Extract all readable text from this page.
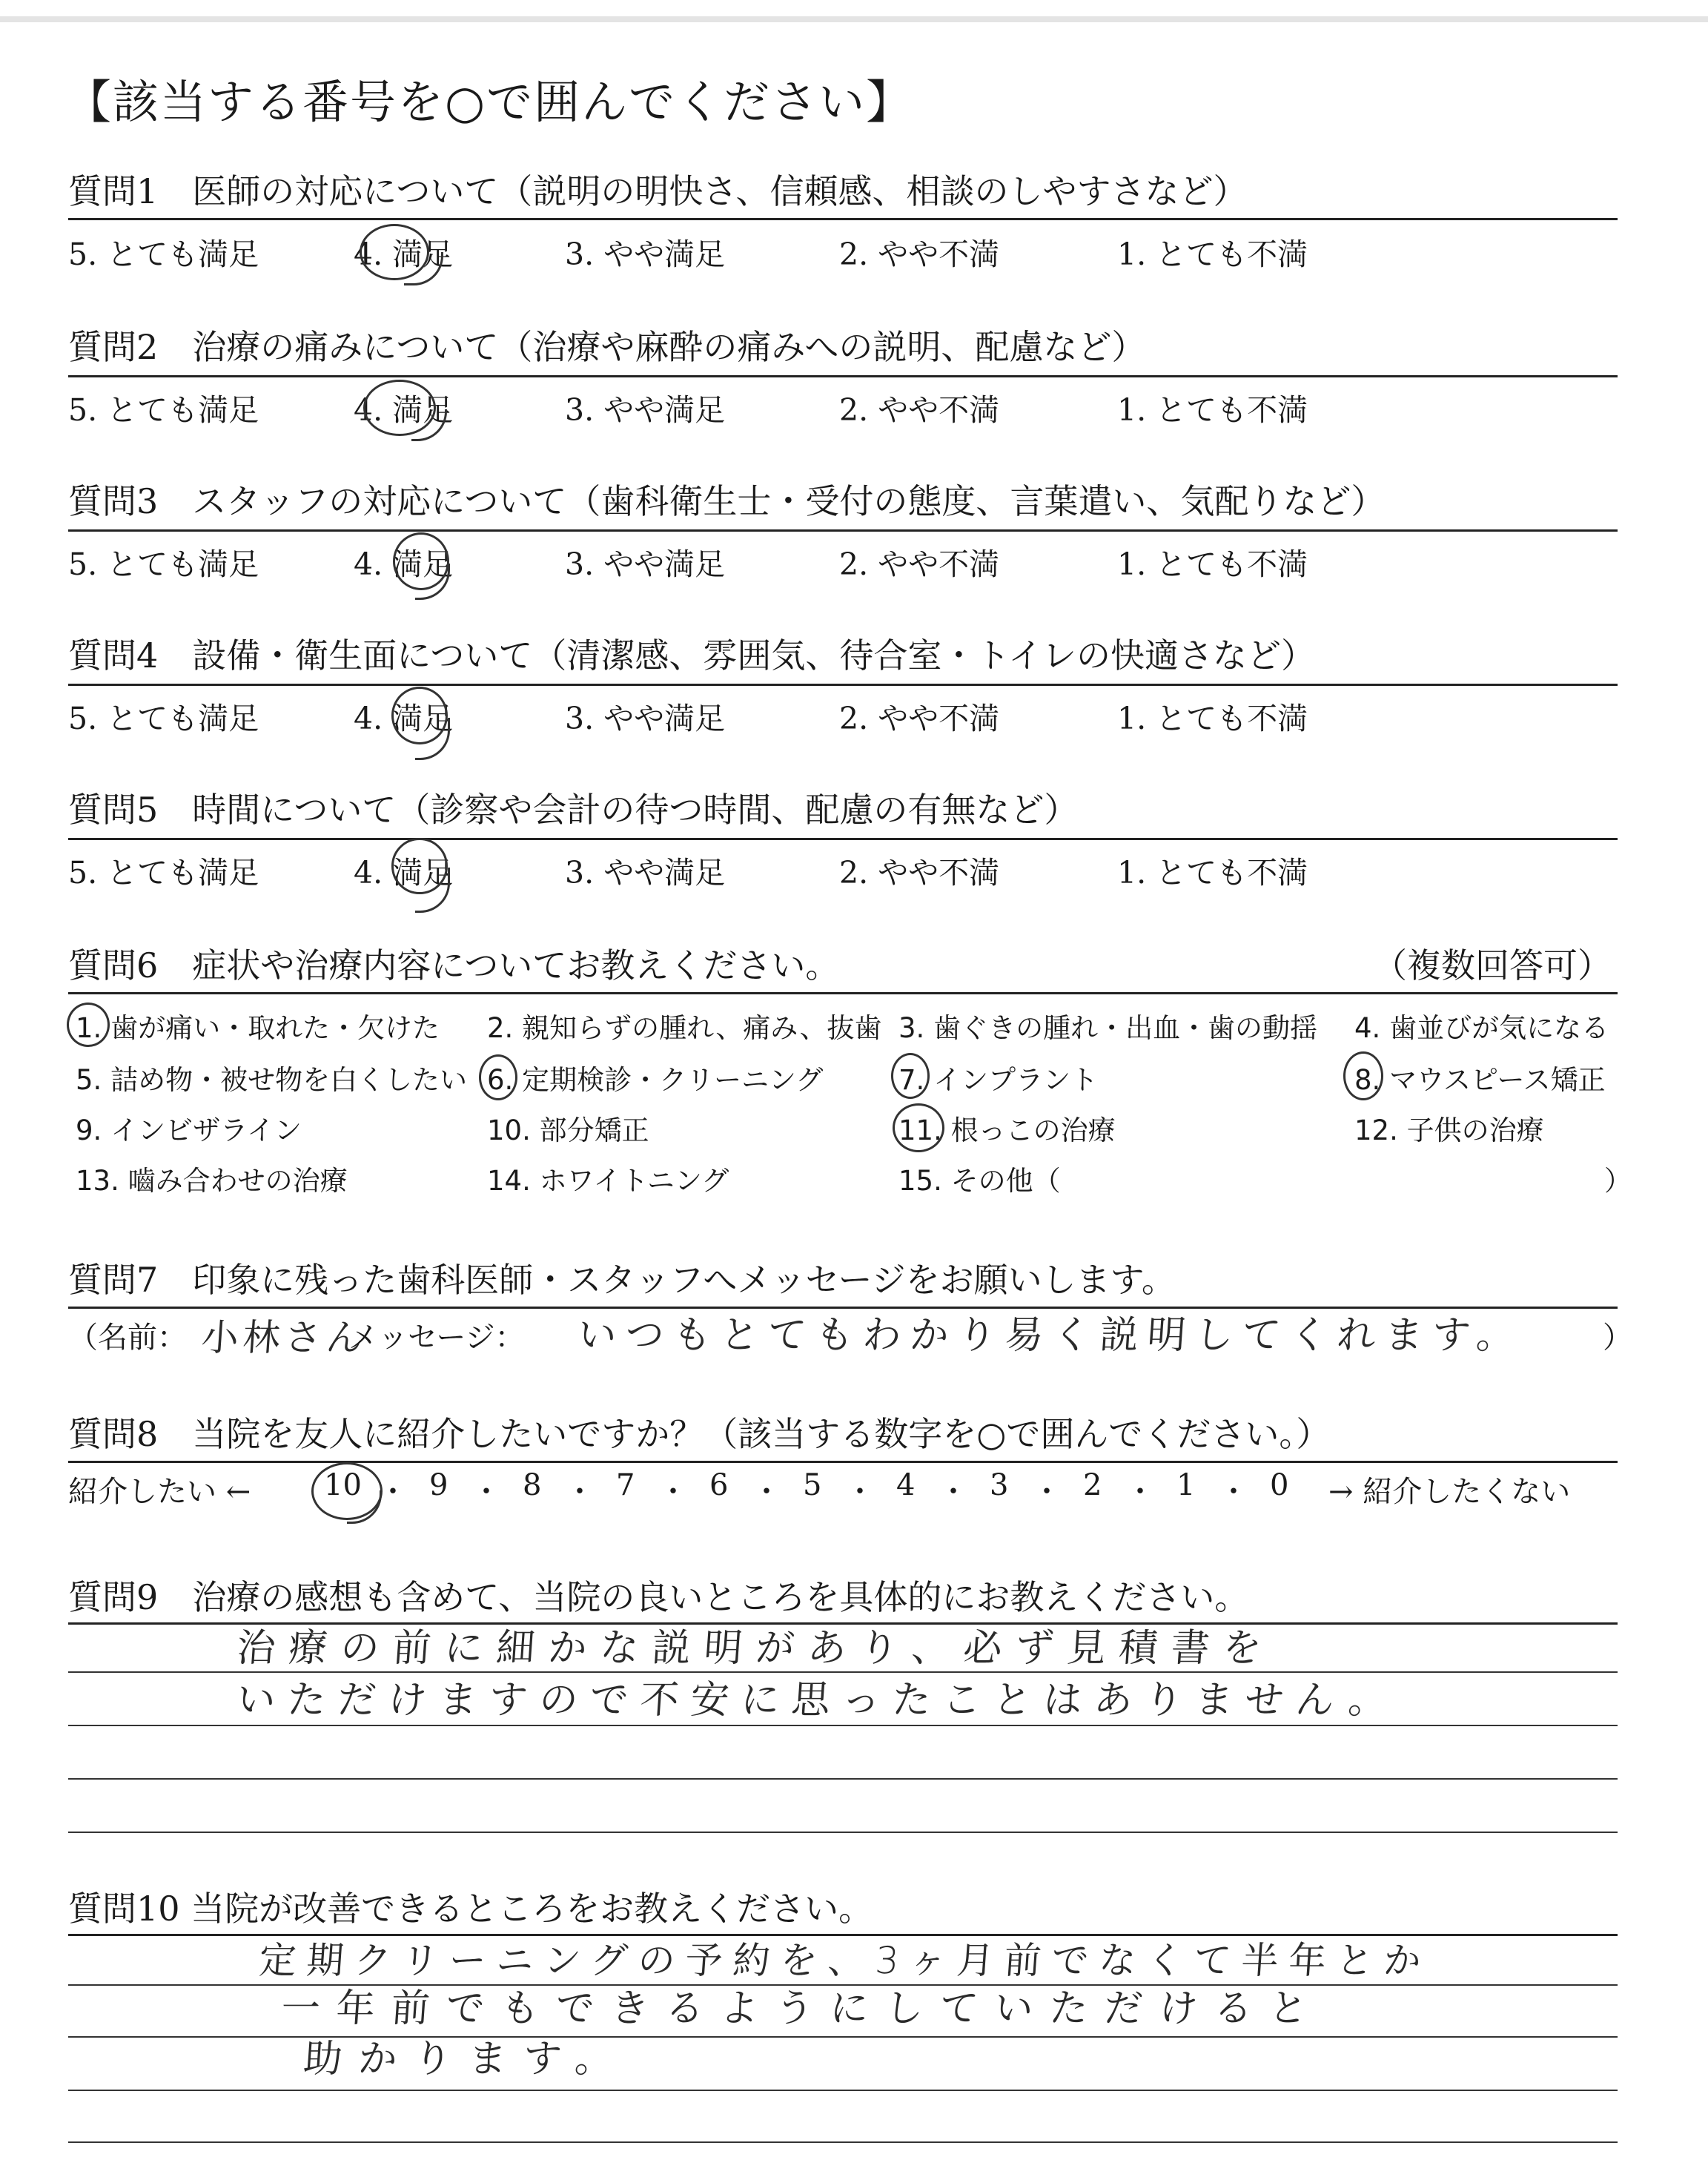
【該当する番号を○で囲んでください】
質問1　医師の対応について（説明の明快さ、信頼感、相談のしやすさなど）
5. とても満足	4. 満足	3. やや満足	2. やや不満	1. とても不満
質問2　治療の痛みについて（治療や麻酔の痛みへの説明、配慮など）
5. とても満足	4. 満足	3. やや満足	2. やや不満	1. とても不満
質問3　スタッフの対応について（歯科衛生士・受付の態度、言葉遣い、気配りなど）
5. とても満足	4. 満足	3. やや満足	2. やや不満	1. とても不満
質問4　設備・衛生面について（清潔感、雰囲気、待合室・トイレの快適さなど）
5. とても満足	4. 満足	3. やや満足	2. やや不満	1. とても不満
質問5　時間について（診察や会計の待つ時間、配慮の有無など）
5. とても満足	4. 満足	3. やや満足	2. やや不満	1. とても不満
質問6　症状や治療内容についてお教えください。	（複数回答可）
1. 歯が痛い・取れた・欠けた 2. 親知らずの腫れ、痛み、抜歯 3. 歯ぐきの腫れ・出血・歯の動揺 4. 歯並びが気になる
5. 詰め物・被せ物を白くしたい 6. 定期検診・クリーニング	7. インプラント	8. マウスピース矯正
9. インビザライン	10. 部分矯正	11. 根っこの治療	12. 子供の治療
13. 嚙み合わせの治療	14. ホワイトニング	15. その他（	）
質問7　印象に残った歯科医師・スタッフへメッセージをお願いします。
（名前： 小林さん
メッセージ： いつもとてもわかり易く説明してくれます。	）
質問8　当院を友人に紹介したいですか？（該当する数字を○で囲んでください。）
紹介したい ← 10 ・ 9 ・ 8 ・ 7 ・ 6 ・ 5 ・ 4 ・ 3 ・ 2 ・ 1 ・ 0 → 紹介したくない
質問9　治療の感想も含めて、当院の良いところを具体的にお教えください。
治療の前に細かな説明があり、必ず見積書を
いただけますので不安に思ったことはありません。
質問10 当院が改善できるところをお教えください。
定期クリーニングの予約を、3ヶ月前でなくて半年とか
一年前でもできるようにしていただけると
助かります。
